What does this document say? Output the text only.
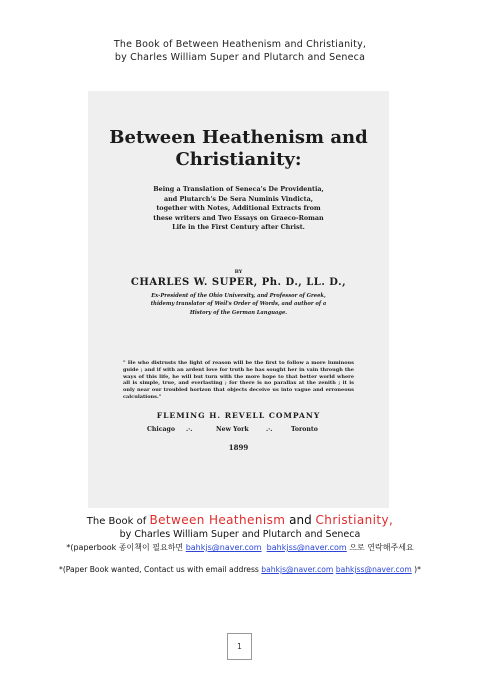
The Book of Between Heathenism and Christianity,
by Charles William Super and Plutarch and Seneca

Between Heathenism and

Christianity:

Being a Translation of Seneca's De Providentia, and Plutarch's De Sera Numinis Vindicta, together with Notes, Additional Extracts from these writers and Two Essays on Graeco-Roman Life in the First Century after Christ.

BY

CHARLES W. SUPER, Ph. D., LL. D.,

Ex-President of the Ohio University, and Professor of Greek, thidemy translator of Weil's Order of Words, and author of a History of the German Language.

" He who distrusts the light of reason will be the first to follow a more luminous guide ; and if with an ardent love for truth he has sought her in vain through the ways of this life, he will but turn with the more hope to that better world where all is simple, true, and everlasting ; for there is no parallax at the zenith ; it is only near our troubled horizon that objects deceive us into vague and erroneous calculations."

FLEMING H. REVELL COMPANY

Chicago .·.	New York	.·.	Toronto

1899

The Book of Between Heathenism and Christianity,
by Charles William Super and Plutarch and Seneca
*(paperbook 종이책이 필요하면 bahkjs@naver.com bahkjss@naver.com 으로 연락해주세요
*(Paper Book wanted, Contact us with email address bahkjs@naver.com bahkjss@naver.com )*
1
